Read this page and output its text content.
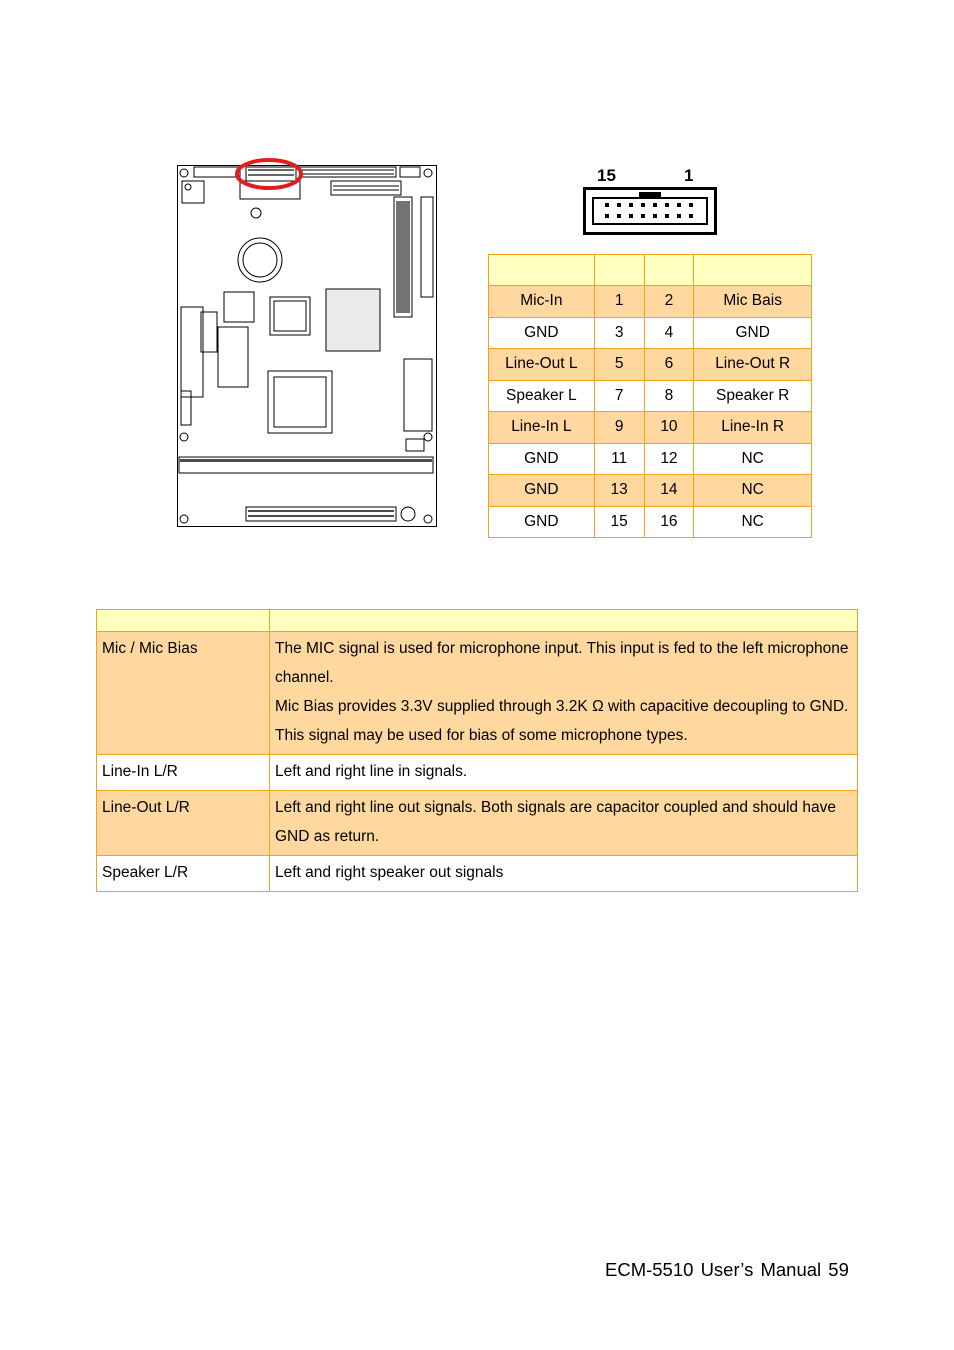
15	1

Mic-In	1	2	Mic Bais
GND	3	4	GND
Line-Out L	5	6	Line-Out R
Speaker L	7	8	Speaker R
Line-In L	9	10	Line-In R
GND	11	12	NC
GND	13	14	NC
GND	15	16	NC

Mic / Mic Bias	The MIC signal is used for microphone input. This input is fed to the left microphone channel.

Mic Bias provides 3.3V supplied through 3.2K Ω with capacitive decoupling to GND. This signal may be used for bias of some microphone types.

Line-In L/R	Left and right line in signals.

Line-Out L/R	Left and right line out signals. Both signals are capacitor coupled and should have GND as return.

Speaker L/R	Left and right speaker out signals

ECM-5510 User’s Manual 59
